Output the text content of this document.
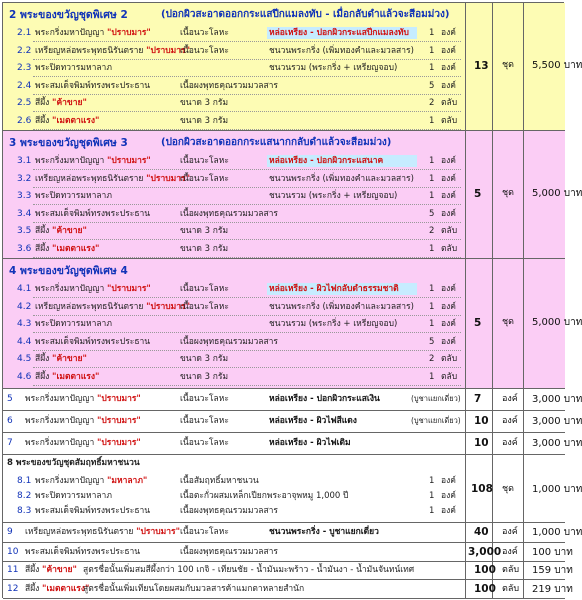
2 พระของขวัญชุดพิเศษ 2	(ปอกผิวสะอาดออกกระแสปีกแมลงทับ - เมื่อกลับดำแล้วจะสีอมม่วง)
2.1 พระกริ่งมหาปัญญา "ปราบมาร"	เนื้อนวะโลหะ	หล่อเหรียง - ปอกผิวกระแสปีกแมลงทับ 1 องค์
2.2 เหรียญหล่อพระพุทธนิรันตราย "ปราบมาร"
เนื้อนวะโลหะ	ชนวนพระกริ่ง (เพิ่มทองคำและมวลสาร) 1 องค์
2.3 พระปิดทวารมหาลาภ	ชนวนรวม (พระกริ่ง + เหรียญจอบ)	1 องค์
2.4 พระสมเด็จพิมพ์ทรงพระประธาน	เนื้อผงพุทธคุณรวมมวลสาร	5 องค์
2.5 สีผึ้ง "ค้าขาย"	ขนาด 3 กรัม	2 ตลับ
2.6 สีผึ้ง "เมตตาแรง"	ขนาด 3 กรัม	1 ตลับ
13 ชุด 5,500 บาท
3 พระของขวัญชุดพิเศษ 3	(ปอกผิวสะอาดออกกระแสนากกลับดำแล้วจะสีอมม่วง)
3.1 พระกริ่งมหาปัญญา "ปราบมาร"	เนื้อนวะโลหะ	หล่อเหรียง - ปอกผิวกระแสนาค	1 องค์
3.2 เหรียญหล่อพระพุทธนิรันตราย "ปราบมาร"
เนื้อนวะโลหะ	ชนวนพระกริ่ง (เพิ่มทองคำและมวลสาร) 1 องค์
3.3 พระปิดทวารมหาลาภ	ชนวนรวม (พระกริ่ง + เหรียญจอบ)	1 องค์
3.4 พระสมเด็จพิมพ์ทรงพระประธาน	เนื้อผงพุทธคุณรวมมวลสาร	5 องค์
3.5 สีผึ้ง "ค้าขาย"	ขนาด 3 กรัม	2 ตลับ
3.6 สีผึ้ง "เมตตาแรง"	ขนาด 3 กรัม	1 ตลับ
5 ชุด 5,000 บาท
4 พระของขวัญชุดพิเศษ 4
4.1 พระกริ่งมหาปัญญา "ปราบมาร"	เนื้อนวะโลหะ	หล่อเหรียง - ผิวไฟกลับดำธรรมชาติ	1 องค์
4.2 เหรียญหล่อพระพุทธนิรันตราย "ปราบมาร"
เนื้อนวะโลหะ	ชนวนพระกริ่ง (เพิ่มทองคำและมวลสาร) 1 องค์
4.3 พระปิดทวารมหาลาภ	ชนวนรวม (พระกริ่ง + เหรียญจอบ)	1 องค์
4.4 พระสมเด็จพิมพ์ทรงพระประธาน	เนื้อผงพุทธคุณรวมมวลสาร	5 องค์
4.5 สีผึ้ง "ค้าขาย"	ขนาด 3 กรัม	2 ตลับ
4.6 สีผึ้ง "เมตตาแรง"	ขนาด 3 กรัม	1 ตลับ
5 ชุด 5,000 บาท
5 พระกริ่งมหาปัญญา "ปราบมาร"	เนื้อนวะโลหะ	หล่อเหรียง - ปอกผิวกระแสเงิน	(บูชาแยกเดี่ยว) 7 องค์ 3,000 บาท
6 พระกริ่งมหาปัญญา "ปราบมาร"	เนื้อนวะโลหะ	หล่อเหรียง - ผิวไฟสีแดง	(บูชาแยกเดี่ยว) 10 องค์ 3,000 บาท
7 พระกริ่งมหาปัญญา "ปราบมาร"	เนื้อนวะโลหะ	หล่อเหรียง - ผิวไฟเดิม	10 องค์ 3,000 บาท
8 พระของขวัญชุดสัมฤทธิ์มหาชนวน
8.1 พระกริ่งมหาปัญญา "มหาลาภ"	เนื้อสัมฤทธิ์มหาชนวน	1 องค์
8.2 พระปิดทวารมหาลาภ	เนื้อตะกั่วผสมเหล็กเปียกพระอาจุพหมู 1,000 ปี	1 องค์
8.3 พระสมเด็จพิมพ์ทรงพระประธาน	เนื้อผงพุทธคุณรวมมวลสาร	1 องค์
108 ชุด 1,000 บาท
9 เหรียญหล่อพระพุทธนิรันตราย "ปราบมาร" เนื้อนวะโลหะ	ชนวนพระกริ่ง - บูชาแยกเดี่ยว	40 องค์ 1,000 บาท
10 พระสมเด็จพิมพ์ทรงพระประธาน	เนื้อผงพุทธคุณรวมมวลสาร	3,000 องค์ 100 บาท
11 สีผึ้ง "ค้าขาย" สูตรชื่อนั้นเพิ่มสมสีผึ้งกว่า 100 เกจิ - เทียนชัย - น้ำมันมะพร้าว - น้ำมันงา - น้ำมันจันทน์เทศ	100 ตลับ 159 บาท
12 สีผึ้ง "เมตตาแรง"
สูตรชื่อนั้นเพิ่มเทียนโดยผสมกับมวลสารค้าแมกตาหลายสำนัก	100 ตลับ 219 บาท
